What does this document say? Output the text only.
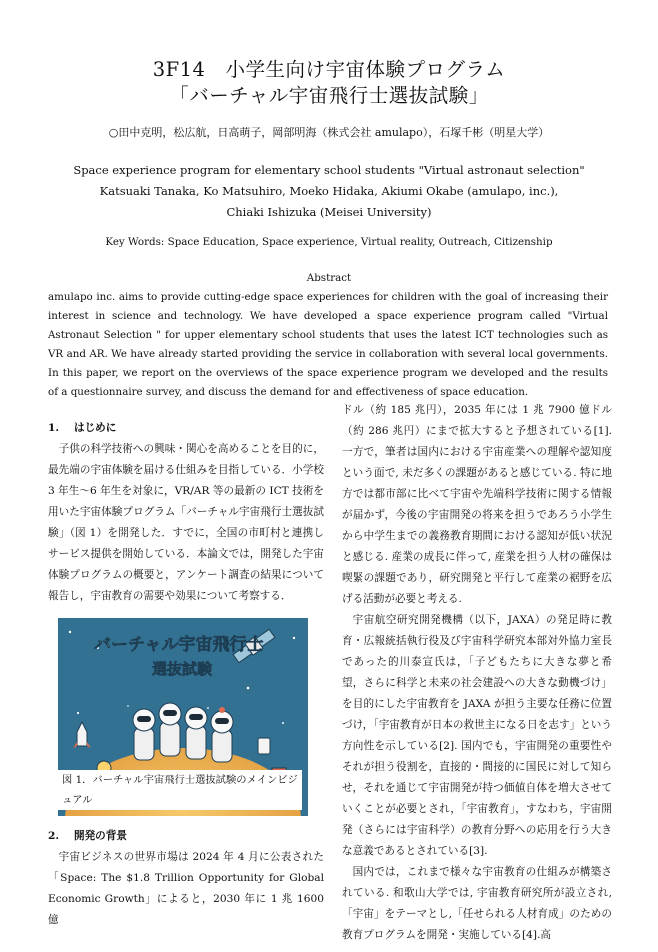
3F14　小学生向け宇宙体験プログラム
「バーチャル宇宙飛行士選抜試験」
○田中克明，松広航，日高萌子，岡部明海（株式会社 amulapo），石塚千彬（明星大学）
Space experience program for elementary school students "Virtual astronaut selection"
Katsuaki Tanaka, Ko Matsuhiro, Moeko Hidaka, Akiumi Okabe (amulapo, inc.),
Chiaki Ishizuka (Meisei University)
Key Words: Space Education, Space experience, Virtual reality, Outreach, Citizenship
Abstract
amulapo inc. aims to provide cutting-edge space experiences for children with the goal of increasing their interest in science and technology. We have developed a space experience program called "Virtual Astronaut Selection " for upper elementary school students that uses the latest ICT technologies such as VR and AR. We have already started providing the service in collaboration with several local governments. In this paper, we report on the overviews of the space experience program we developed and the results of a questionnaire survey, and discuss the demand for and effectiveness of space education.
1. はじめに
子供の科学技術への興味・関心を高めることを目的に，最先端の宇宙体験を届ける仕組みを目指している．小学校 3 年生～6 年生を対象に，VR/AR 等の最新の ICT 技術を用いた宇宙体験プログラム「バーチャル宇宙飛行士選抜試験」（図 1）を開発した．すでに，全国の市町村と連携しサービス提供を開始している．本論文では，開発した宇宙体験プログラムの概要と，アンケート調査の結果について報告し，宇宙教育の需要や効果について考察する．
バーチャル宇宙飛行士
選抜試験
図 1．バーチャル宇宙飛行士選抜試験のメインビジュアル
2. 開発の背景
宇宙ビジネスの世界市場は 2024 年 4 月に公表された「Space: The $1.8 Trillion Opportunity for Global Economic Growth」によると，2030 年に 1 兆 1600 億
ドル（約 185 兆円），2035 年には 1 兆 7900 億ドル（約 286 兆円）にまで拡大すると予想されている[1]. 一方で，筆者は国内における宇宙産業への理解や認知度という面で, 未だ多くの課題があると感じている. 特に地方では都市部に比べて宇宙や先端科学技術に関する情報が届かず，今後の宇宙開発の将来を担うであろう小学生から中学生までの義務教育期間における認知が低い状況と感じる. 産業の成長に伴って, 産業を担う人材の確保は喫緊の課題であり，研究開発と平行して産業の裾野を広げる活動が必要と考える.
宇宙航空研究開発機構（以下，JAXA）の発足時に教育・広報統括執行役及び宇宙科学研究本部対外協力室長であった的川泰宣氏は，「子どもたちに大きな夢と希望，さらに科学と未来の社会建設への大きな動機づけ」を目的にした宇宙教育を JAXA が担う主要な任務に位置づけ，「宇宙教育が日本の救世主になる日を志す」という方向性を示している[2]. 国内でも，宇宙開発の重要性やそれが担う役割を，直接的・間接的に国民に対して知らせ，それを通じて宇宙開発が持つ価値自体を増大させていくことが必要とされ，「宇宙教育」，すなわち，宇宙開発（さらには宇宙科学）の教育分野への応用を行う大きな意義であるとされている[3].
国内では，これまで様々な宇宙教育の仕組みが構築されている. 和歌山大学では, 宇宙教育研究所が設立され,「宇宙」をテーマとし,「任せられる人材育成」のための教育プログラムを開発・実施している[4].高
